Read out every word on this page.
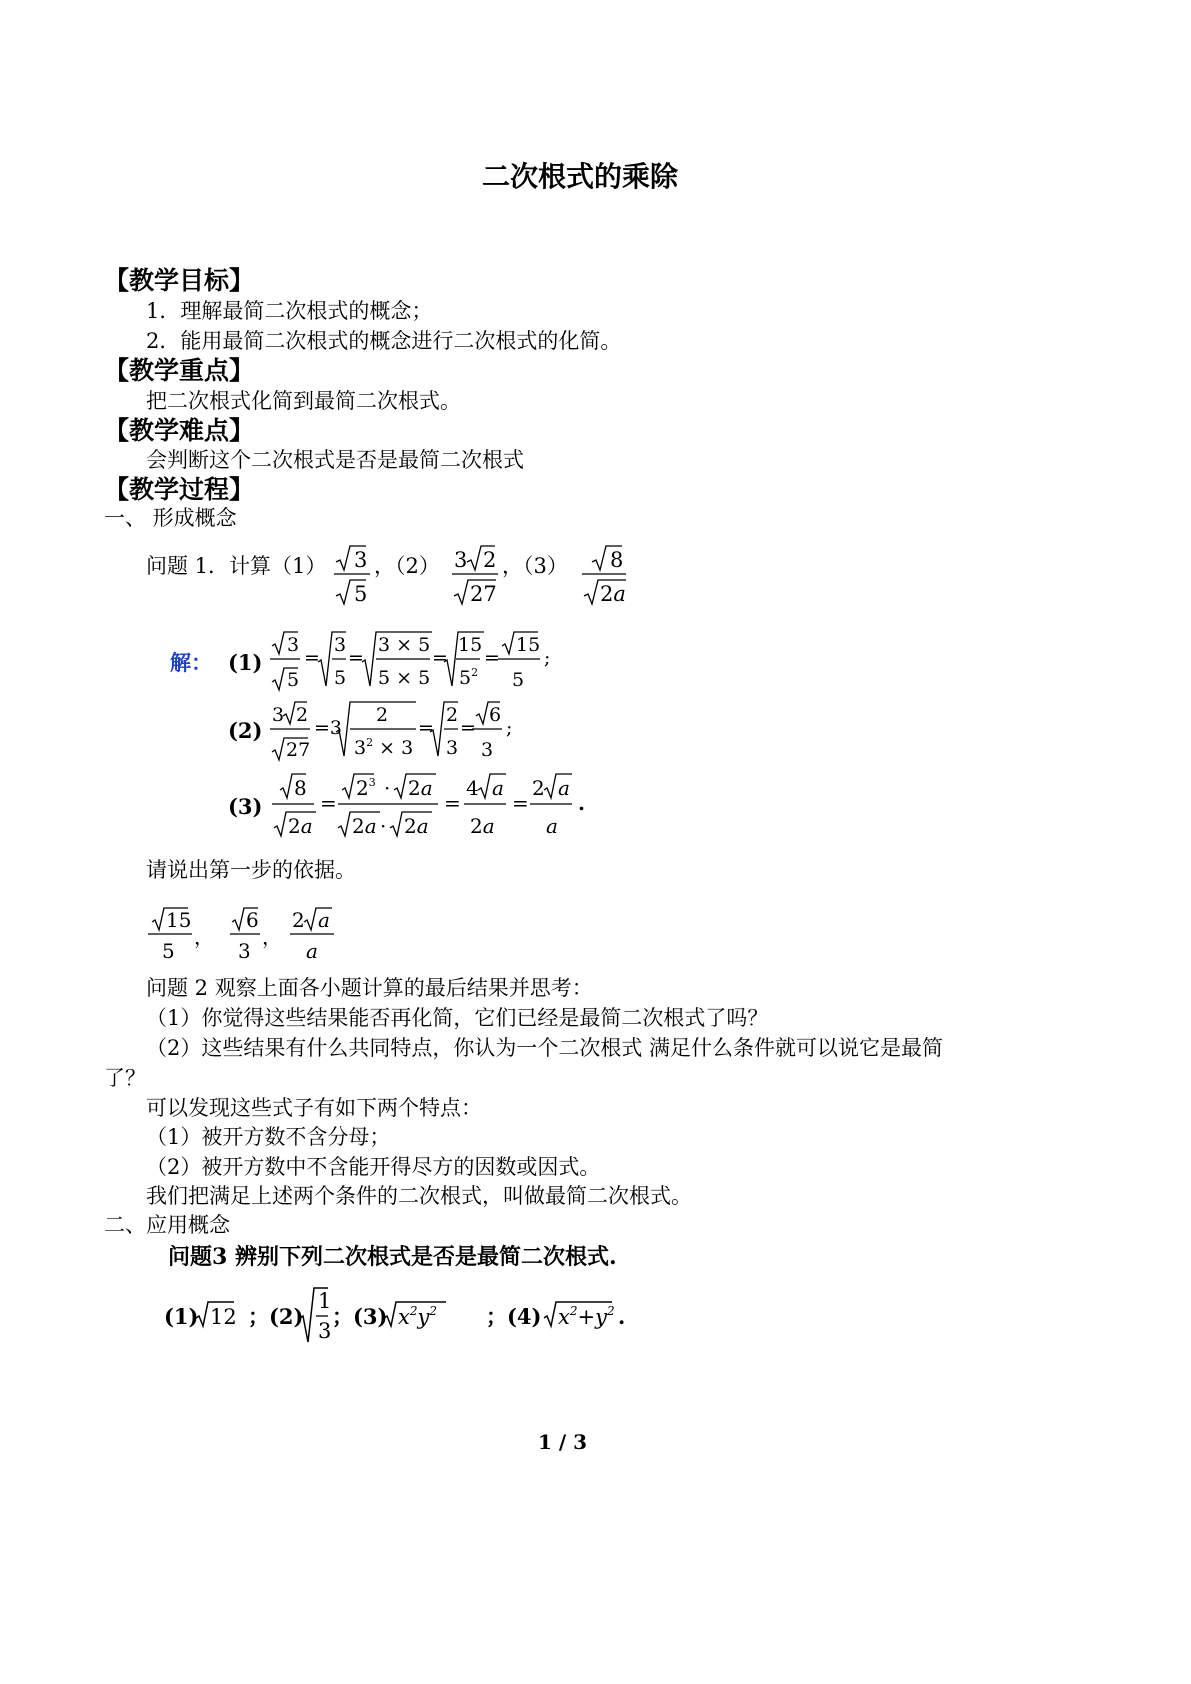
二次根式的乘除
【教学目标】
1．理解最简二次根式的概念；
2．能用最简二次根式的概念进行二次根式的化简。
【教学重点】
把二次根式化简到最简二次根式。
【教学难点】
会判断这个二次根式是否是最简二次根式
【教学过程】
一、 形成概念
问题 1．计算（1） 3
5
3 2
27
8
2a
，（2）	，（3）
解： (1)
3
5
=
3
5
=
3 × 5
5 × 5
=
15
$5^2$
=
15
5
;
(2)
3 2
27
=3
2
$3^2 \times 3$
=
2
3
=
6
3
;
(3)
8
2a
=
$2^3 \cdot 2a$
2a · 2a
=
4 a
2a
=
2 a
a
.
请说出第一步的依据。
15
5
，
6
3
，
2 a
a
问题 2 观察上面各小题计算的最后结果并思考：
（1）你觉得这些结果能否再化简，它们已经是最简二次根式了吗？
（2）这些结果有什么共同特点，你认为一个二次根式 满足什么条件就可以说它是最简
了？
可以发现这些式子有如下两个特点：
（1）被开方数不含分母；
（2）被开方数中不含能开得尽方的因数或因式。
我们把满足上述两个条件的二次根式，叫做最简二次根式。
二、应用概念
问题3 辨别下列二次根式是否是最简二次根式.
(1) 12 ；(2)
1
3
；(3) $x^2y^2$ ；(4) $x^2+y^2$ .
1 / 3
